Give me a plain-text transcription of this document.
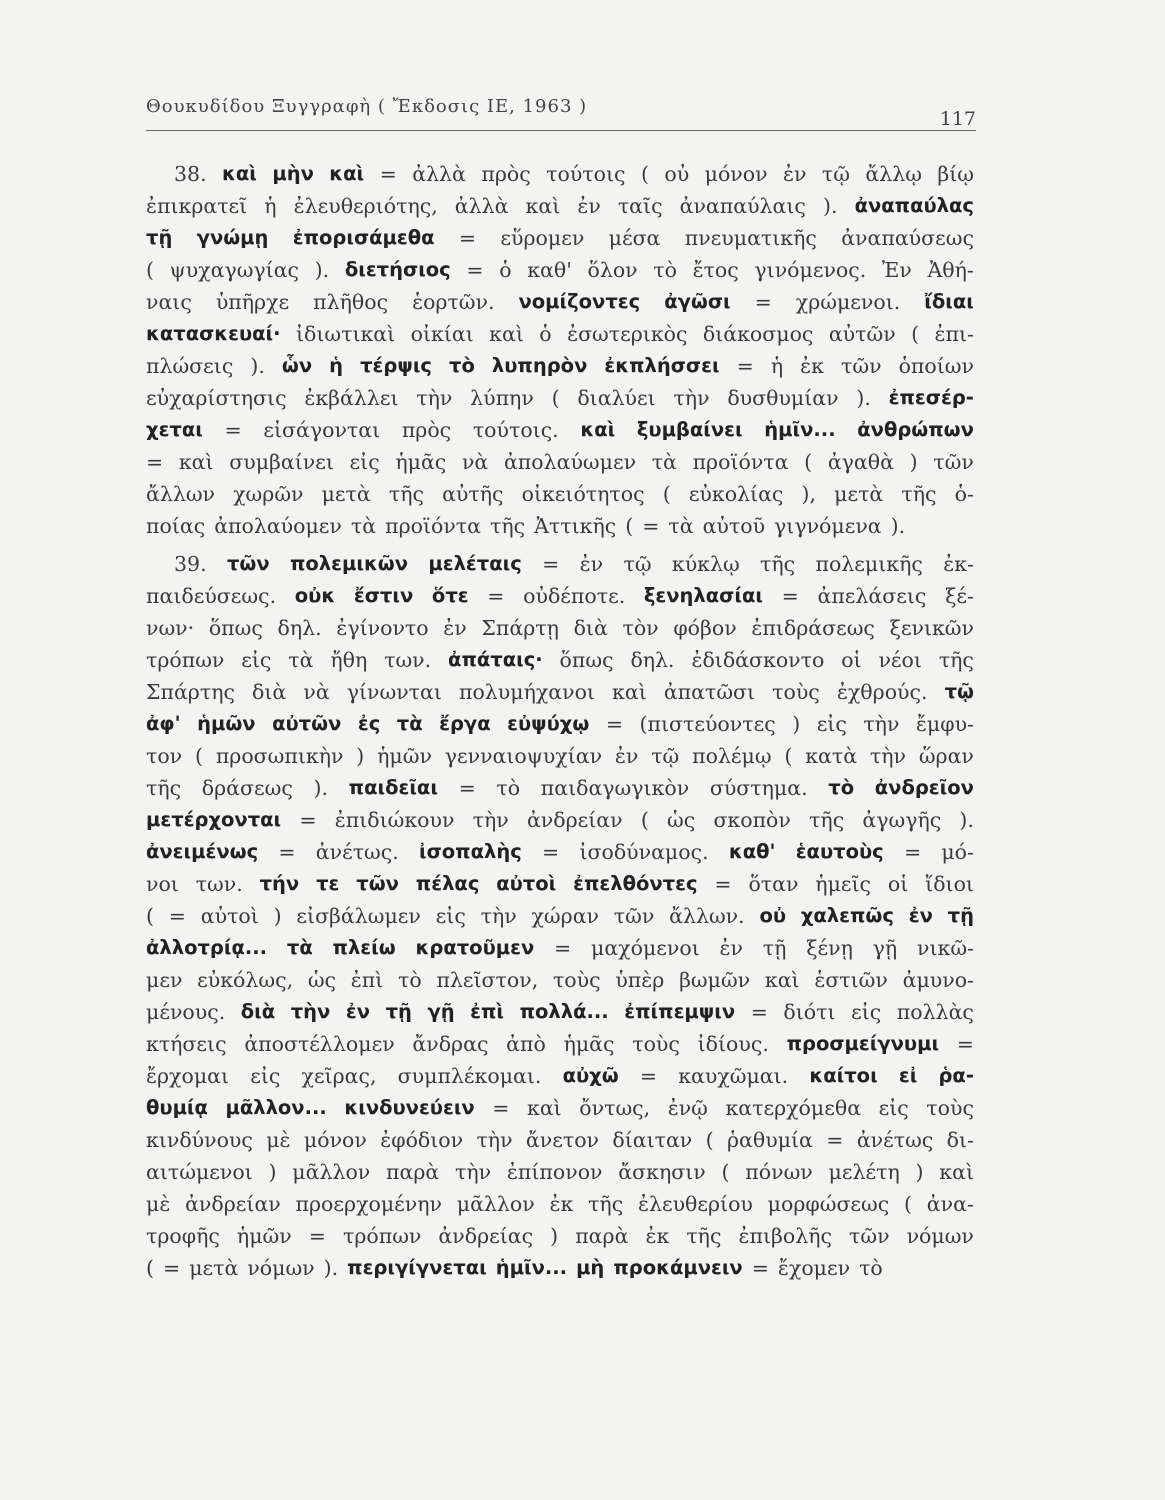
Θουκυδίδου Ξυγγραφὴ ( Ἔκδοσις ΙΕ, 1963 )
117
38. καὶ μὴν καὶ = ἀλλὰ πρὸς τούτοις ( οὐ μόνον ἐν τῷ ἄλλῳ βίῳ
ἐπικρατεῖ ἡ ἐλευθεριότης, ἀλλὰ καὶ ἐν ταῖς ἀναπαύλαις ). ἀναπαύλας
τῇ γνώμῃ ἐπορισάμεθα = εὕρομεν μέσα πνευματικῆς ἀναπαύσεως
( ψυχαγωγίας ). διετήσιος = ὁ καθ' ὅλον τὸ ἔτος γινόμενος. Ἐν Ἀθή-
ναις ὑπῆρχε πλῆθος ἑορτῶν. νομίζοντες ἀγῶσι = χρώμενοι. ἴδιαι
κατασκευαί· ἰδιωτικαὶ οἰκίαι καὶ ὁ ἐσωτερικὸς διάκοσμος αὐτῶν ( ἐπι-
πλώσεις ). ὧν ἡ τέρψις τὸ λυπηρὸν ἐκπλήσσει = ἡ ἐκ τῶν ὁποίων
εὐχαρίστησις ἐκβάλλει τὴν λύπην ( διαλύει τὴν δυσθυμίαν ). ἐπεσέρ-
χεται = εἰσάγονται πρὸς τούτοις. καὶ ξυμβαίνει ἡμῖν... ἀνθρώπων
= καὶ συμβαίνει εἰς ἡμᾶς νὰ ἀπολαύωμεν τὰ προϊόντα ( ἀγαθὰ ) τῶν
ἄλλων χωρῶν μετὰ τῆς αὐτῆς οἰκειότητος ( εὐκολίας ), μετὰ τῆς ὁ-
ποίας ἀπολαύομεν τὰ προϊόντα τῆς Ἀττικῆς ( = τὰ αὐτοῦ γιγνόμενα ).
39. τῶν πολεμικῶν μελέταις = ἐν τῷ κύκλῳ τῆς πολεμικῆς ἐκ-
παιδεύσεως. οὐκ ἔστιν ὅτε = οὐδέποτε. ξενηλασίαι = ἀπελάσεις ξέ-
νων· ὅπως δηλ. ἐγίνοντο ἐν Σπάρτῃ διὰ τὸν φόβον ἐπιδράσεως ξενικῶν
τρόπων εἰς τὰ ἤθη των. ἀπάταις· ὅπως δηλ. ἐδιδάσκοντο οἱ νέοι τῆς
Σπάρτης διὰ νὰ γίνωνται πολυμήχανοι καὶ ἀπατῶσι τοὺς ἐχθρούς. τῷ
ἀφ' ἡμῶν αὐτῶν ἐς τὰ ἔργα εὐψύχῳ = (πιστεύοντες ) εἰς τὴν ἔμφυ-
τον ( προσωπικὴν ) ἡμῶν γενναιοψυχίαν ἐν τῷ πολέμῳ ( κατὰ τὴν ὥραν
τῆς δράσεως ). παιδεῖαι = τὸ παιδαγωγικὸν σύστημα. τὸ ἀνδρεῖον
μετέρχονται = ἐπιδιώκουν τὴν ἀνδρείαν ( ὡς σκοπὸν τῆς ἀγωγῆς ).
ἀνειμένως = ἀνέτως. ἰσοπαλὴς = ἰσοδύναμος. καθ' ἑαυτοὺς = μό-
νοι των. τήν τε τῶν πέλας αὐτοὶ ἐπελθόντες = ὅταν ἡμεῖς οἱ ἴδιοι
( = αὐτοὶ ) εἰσβάλωμεν εἰς τὴν χώραν τῶν ἄλλων. οὐ χαλεπῶς ἐν τῇ
ἀλλοτρίᾳ... τὰ πλείω κρατοῦμεν = μαχόμενοι ἐν τῇ ξένῃ γῇ νικῶ-
μεν εὐκόλως, ὡς ἐπὶ τὸ πλεῖστον, τοὺς ὑπὲρ βωμῶν καὶ ἑστιῶν ἀμυνο-
μένους. διὰ τὴν ἐν τῇ γῇ ἐπὶ πολλά... ἐπίπεμψιν = διότι εἰς πολλὰς
κτήσεις ἀποστέλλομεν ἄνδρας ἀπὸ ἡμᾶς τοὺς ἰδίους. προσμείγνυμι =
ἔρχομαι εἰς χεῖρας, συμπλέκομαι. αὐχῶ = καυχῶμαι. καίτοι εἰ ῥα-
θυμίᾳ μᾶλλον... κινδυνεύειν = καὶ ὄντως, ἐνῷ κατερχόμεθα εἰς τοὺς
κινδύνους μὲ μόνον ἐφόδιον τὴν ἄνετον δίαιταν ( ῥαθυμία = ἀνέτως δι-
αιτώμενοι ) μᾶλλον παρὰ τὴν ἐπίπονον ἄσκησιν ( πόνων μελέτη ) καὶ
μὲ ἀνδρείαν προερχομένην μᾶλλον ἐκ τῆς ἐλευθερίου μορφώσεως ( ἀνα-
τροφῆς ἡμῶν = τρόπων ἀνδρείας ) παρὰ ἐκ τῆς ἐπιβολῆς τῶν νόμων
( = μετὰ νόμων ). περιγίγνεται ἡμῖν... μὴ προκάμνειν = ἔχομεν τὸ
